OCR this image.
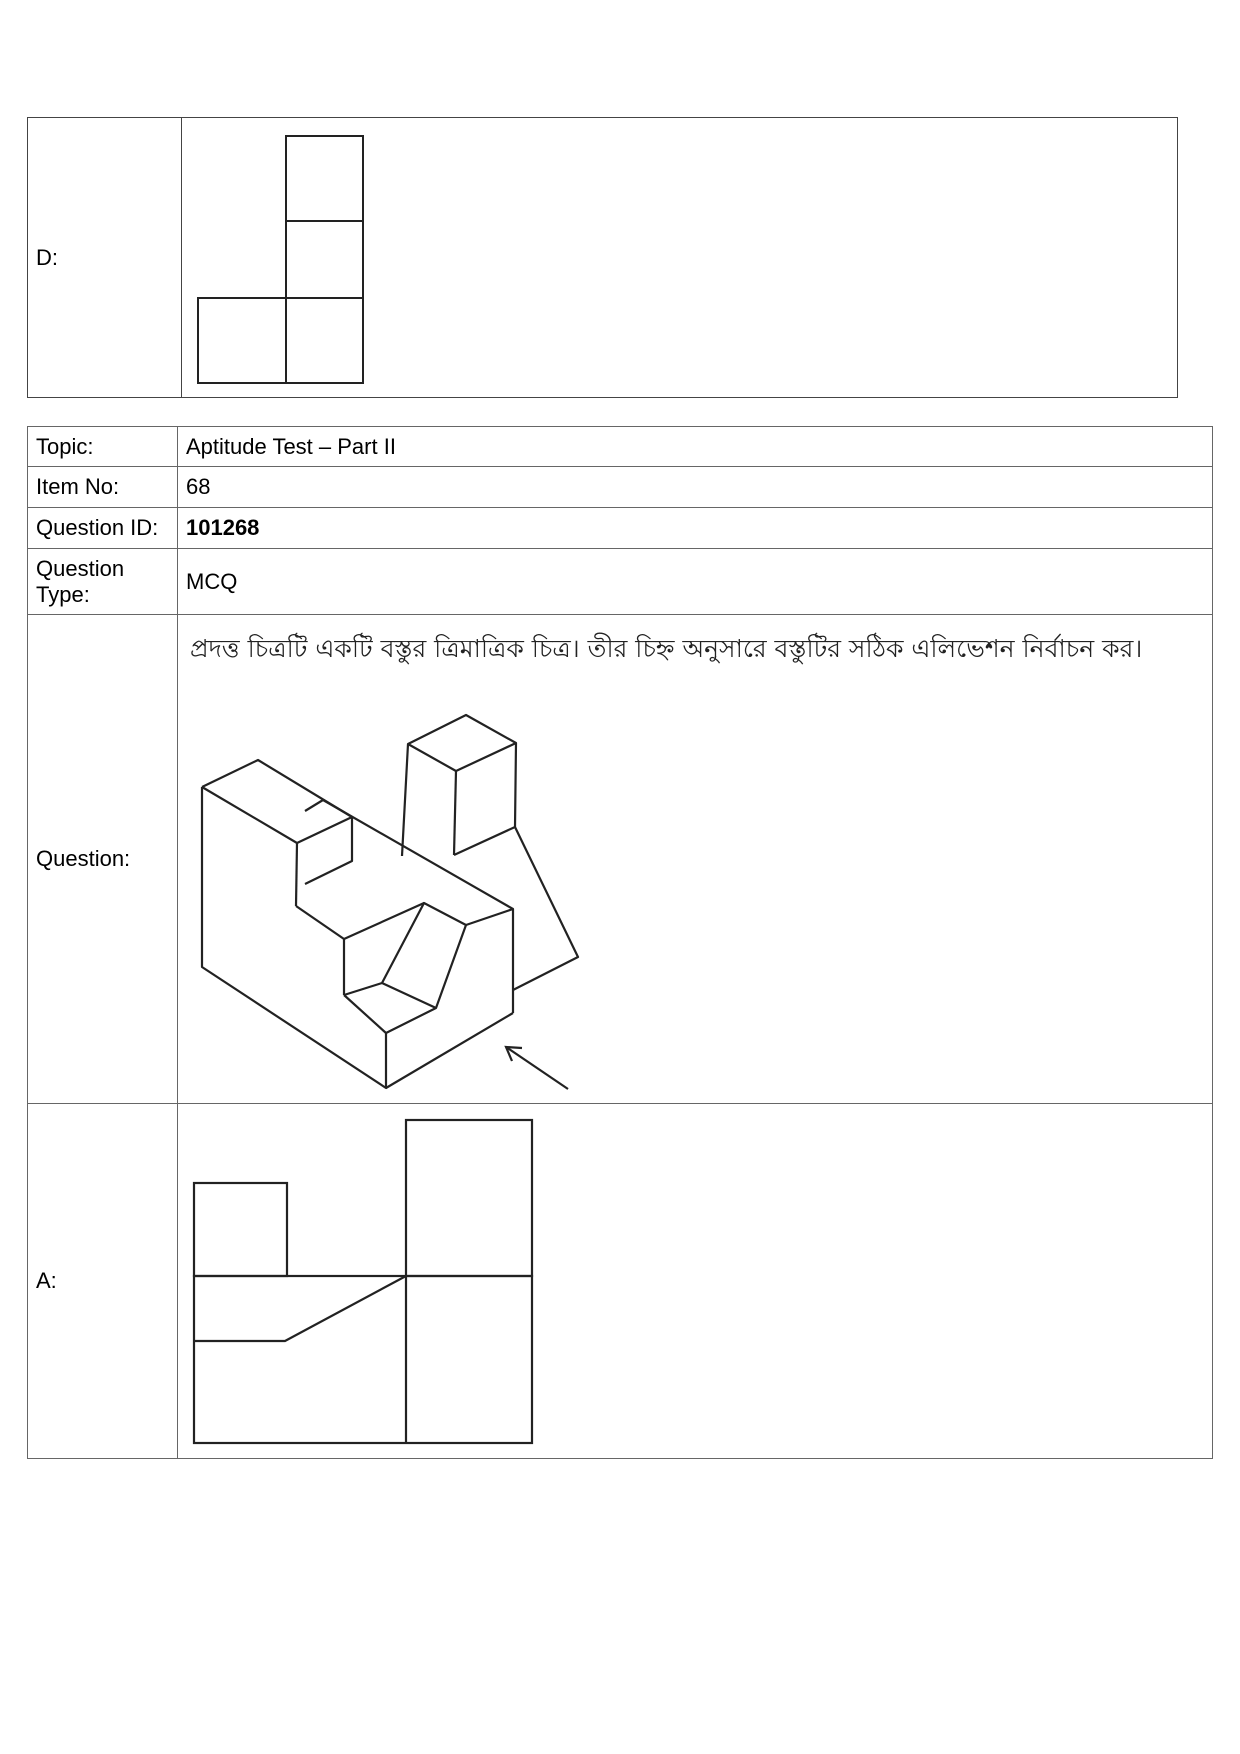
D:	
Topic:	Aptitude Test – Part II
Item No:	68
Question ID:	101268
Question Type:	MCQ
Question:	প্রদত্ত চিত্রটি একটি বস্তুর ত্রিমাত্রিক চিত্র। তীর চিহ্ন অনুসারে বস্তুটির সঠিক এলিভেশন নির্বাচন কর।

A:	
